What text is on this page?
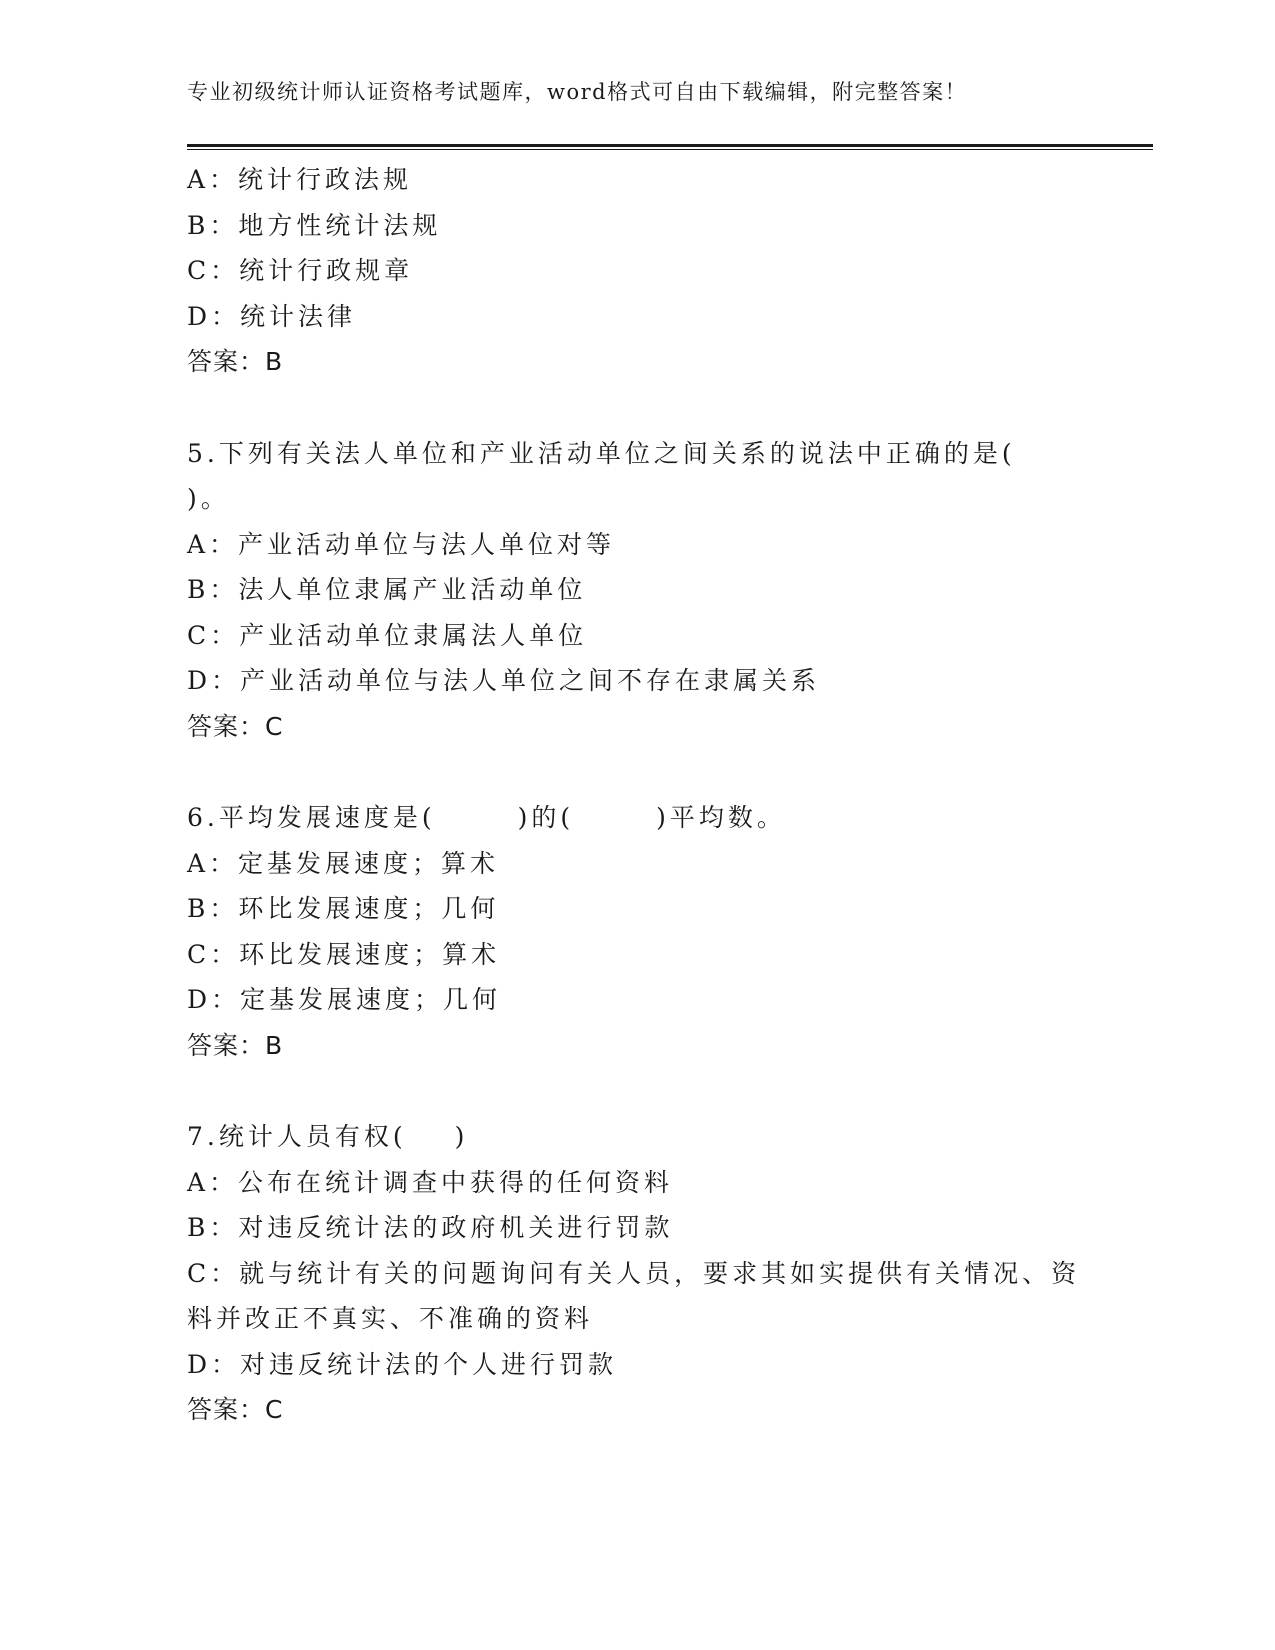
专业初级统计师认证资格考试题库，word格式可自由下载编辑，附完整答案！
A：统计行政法规
B：地方性统计法规
C：统计行政规章
D：统计法律
答案：B
5.下列有关法人单位和产业活动单位之间关系的说法中正确的是(
)。
A：产业活动单位与法人单位对等
B：法人单位隶属产业活动单位
C：产业活动单位隶属法人单位
D：产业活动单位与法人单位之间不存在隶属关系
答案：C
6.平均发展速度是(	)的(	)平均数。
A：定基发展速度；算术
B：环比发展速度；几何
C：环比发展速度；算术
D：定基发展速度；几何
答案：B
7.统计人员有权( )
A：公布在统计调查中获得的任何资料
B：对违反统计法的政府机关进行罚款
C：就与统计有关的问题询问有关人员，要求其如实提供有关情况、资
料并改正不真实、不准确的资料
D：对违反统计法的个人进行罚款
答案：C
